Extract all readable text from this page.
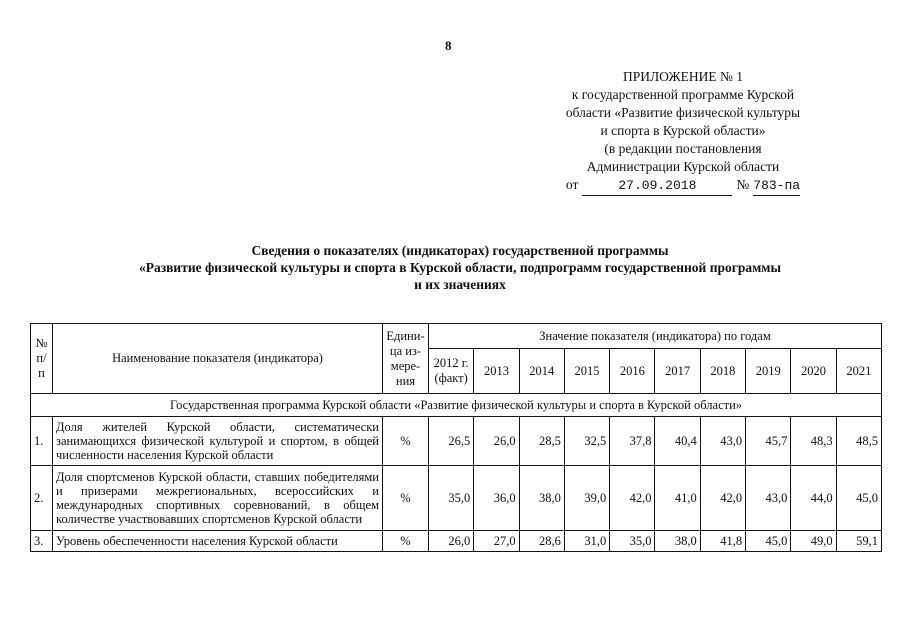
8
ПРИЛОЖЕНИЕ № 1
к государственной программе Курской
области «Развитие физической культуры
и спорта в Курской области»
(в редакции постановления
Администрации Курской области
от	27.09.2018	№ 783-па
Сведения о показателях (индикаторах) государственной программы
«Развитие физической культуры и спорта в Курской области, подпрограмм государственной программы
и их значениях
№ п/п	Наименование показателя (индикатора)	Едини- ца из- мере- ния	Значение показателя (индикатора) по годам									
			2012 г. (факт)	2013	2014	2015	2016	2017	2018	2019	2020	2021
Государственная программа Курской области «Развитие физической культуры и спорта в Курской области»												
1.	Доля жителей Курской области, систематически занимающихся физической культурой и спортом, в общей численности населения Курской области	%	26,5	26,0	28,5	32,5	37,8	40,4	43,0	45,7	48,3	48,5
2.	Доля спортсменов Курской области, ставших победителями и призерами межрегиональных, всероссийских и международных спортивных соревнований, в общем количестве участвовавших спортсменов Курской области	%	35,0	36,0	38,0	39,0	42,0	41,0	42,0	43,0	44,0	45,0
3.	Уровень обеспеченности населения Курской области	%	26,0	27,0	28,6	31,0	35,0	38,0	41,8	45,0	49,0	59,1
